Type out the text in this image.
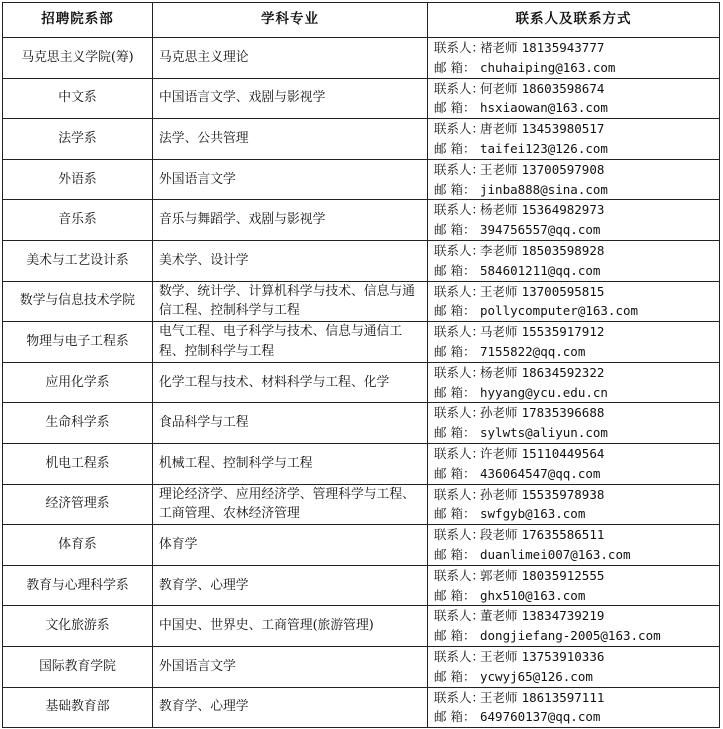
招聘院系部	学科专业	联系人及联系方式
马克思主义学院(筹)	马克思主义理论	联系人：褚老师 18135943777
邮 箱： chuhaiping@163.com

中文系	中国语言文学、戏剧与影视学	联系人：何老师 18603598674
邮 箱： hsxiaowan@163.com

法学系	法学、公共管理	联系人：唐老师 13453980517
邮 箱： taifei123@126.com

外语系	外国语言文学	联系人：王老师 13700597908
邮 箱： jinba888@sina.com

音乐系	音乐与舞蹈学、戏剧与影视学	联系人：杨老师 15364982973
邮 箱： 394756557@qq.com

美术与工艺设计系	美术学、设计学	联系人：李老师 18503598928
邮 箱： 584601211@qq.com

数学与信息技术学院	数学、统计学、计算机科学与技术、信息与通信工程、控制科学与工程	联系人：王老师 13700595815
邮 箱： pollycomputer@163.com

物理与电子工程系	电气工程、电子科学与技术、信息与通信工程、控制科学与工程	联系人：马老师 15535917912
邮 箱： 7155822@qq.com

应用化学系	化学工程与技术、材料科学与工程、化学	联系人：杨老师 18634592322
邮 箱： hyyang@ycu.edu.cn

生命科学系	食品科学与工程	联系人：孙老师 17835396688
邮 箱： sylwts@aliyun.com

机电工程系	机械工程、控制科学与工程	联系人：许老师 15110449564
邮 箱： 436064547@qq.com

经济管理系	理论经济学、应用经济学、管理科学与工程、工商管理、农林经济管理	联系人：孙老师 15535978938
邮 箱： swfgyb@163.com

体育系	体育学	联系人：段老师 17635586511
邮 箱： duanlimei007@163.com

教育与心理科学系	教育学、心理学	联系人：郭老师 18035912555
邮 箱： ghx510@163.com

文化旅游系	中国史、世界史、工商管理(旅游管理)	联系人：董老师 13834739219
邮 箱： dongjiefang-2005@163.com

国际教育学院	外国语言文学	联系人：王老师 13753910336
邮 箱： ycwyj65@126.com

基础教育部	教育学、心理学	联系人：王老师 18613597111
邮 箱： 649760137@qq.com
